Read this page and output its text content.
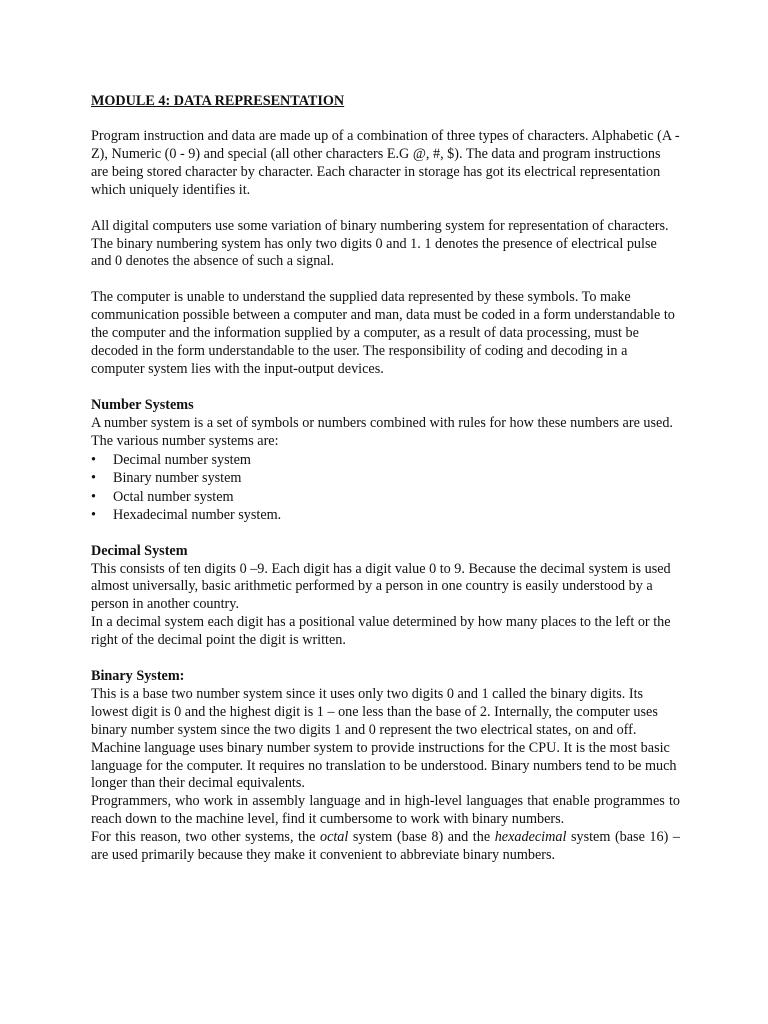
MODULE 4: DATA REPRESENTATION

Program instruction and data are made up of a combination of three types of characters. Alphabetic (A - Z), Numeric (0 - 9) and special (all other characters E.G @, #, $). The data and program instructions are being stored character by character. Each character in storage has got its electrical representation which uniquely identifies it.

All digital computers use some variation of binary numbering system for representation of characters. The binary numbering system has only two digits 0 and 1. 1 denotes the presence of electrical pulse and 0 denotes the absence of such a signal.

The computer is unable to understand the supplied data represented by these symbols. To make communication possible between a computer and man, data must be coded in a form understandable to the computer and the information supplied by a computer, as a result of data processing, must be decoded in the form understandable to the user. The responsibility of coding and decoding in a computer system lies with the input-output devices.

Number Systems

A number system is a set of symbols or numbers combined with rules for how these numbers are used. The various number systems are:

• Decimal number system
• Binary number system
• Octal number system
• Hexadecimal number system.
Decimal System

This consists of ten digits 0 –9. Each digit has a digit value 0 to 9. Because the decimal system is used almost universally, basic arithmetic performed by a person in one country is easily understood by a person in another country.

In a decimal system each digit has a positional value determined by how many places to the left or the right of the decimal point the digit is written.

Binary System:

This is a base two number system since it uses only two digits 0 and 1 called the binary digits. Its lowest digit is 0 and the highest digit is 1 – one less than the base of 2. Internally, the computer uses binary number system since the two digits 1 and 0 represent the two electrical states, on and off.

Machine language uses binary number system to provide instructions for the CPU. It is the most basic language for the computer. It requires no translation to be understood. Binary numbers tend to be much longer than their decimal equivalents.

Programmers, who work in assembly language and in high-level languages that enable programmes to reach down to the machine level, find it cumbersome to work with binary numbers.

For this reason, two other systems, the octal system (base 8) and the hexadecimal system (base 16) – are used primarily because they make it convenient to abbreviate binary numbers.
